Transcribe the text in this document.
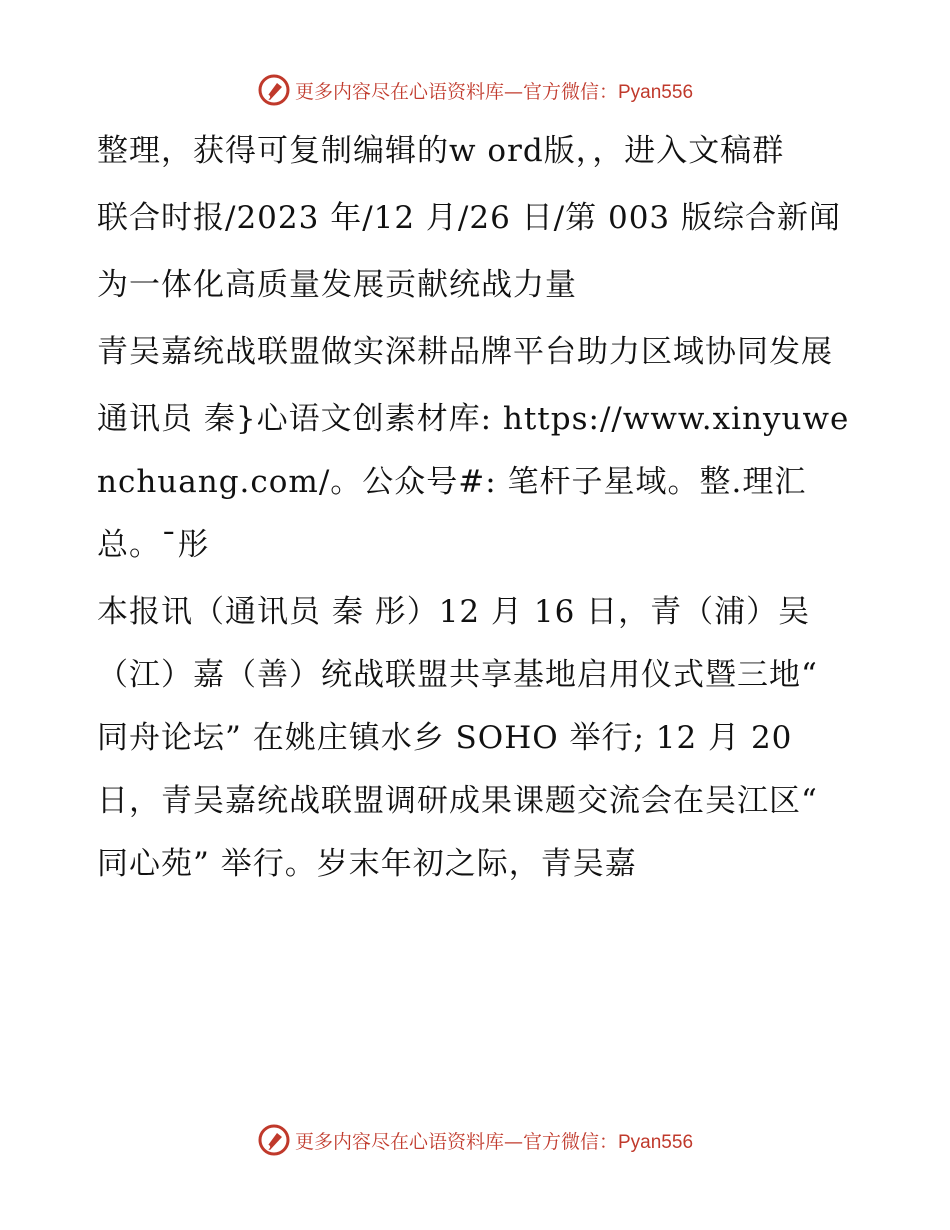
更多内容尽在心语资料库—官方微信：Pyan556

整理，获得可复制编辑的w ord版，，进入文稿群

联合时报/2023 年/12 月/26 日/第 003 版综合新闻

为一体化高质量发展贡献统战力量

青吴嘉统战联盟做实深耕品牌平台助力区域协同发展

通讯员 秦}心语文创素材库: https://www.xinyuwenchuang.com/。公众号#: 笔杆子星域。整.理汇总。¯彤

本报讯（通讯员 秦 彤）12 月 16 日，青（浦）吴（江）嘉（善）统战联盟共享基地启用仪式暨三地“ 同舟论坛” 在姚庄镇水乡 SOHO 举行; 12 月 20 日，青吴嘉统战联盟调研成果课题交流会在吴江区“ 同心苑” 举行。岁末年初之际，青吴嘉

更多内容尽在心语资料库—官方微信：Pyan556
